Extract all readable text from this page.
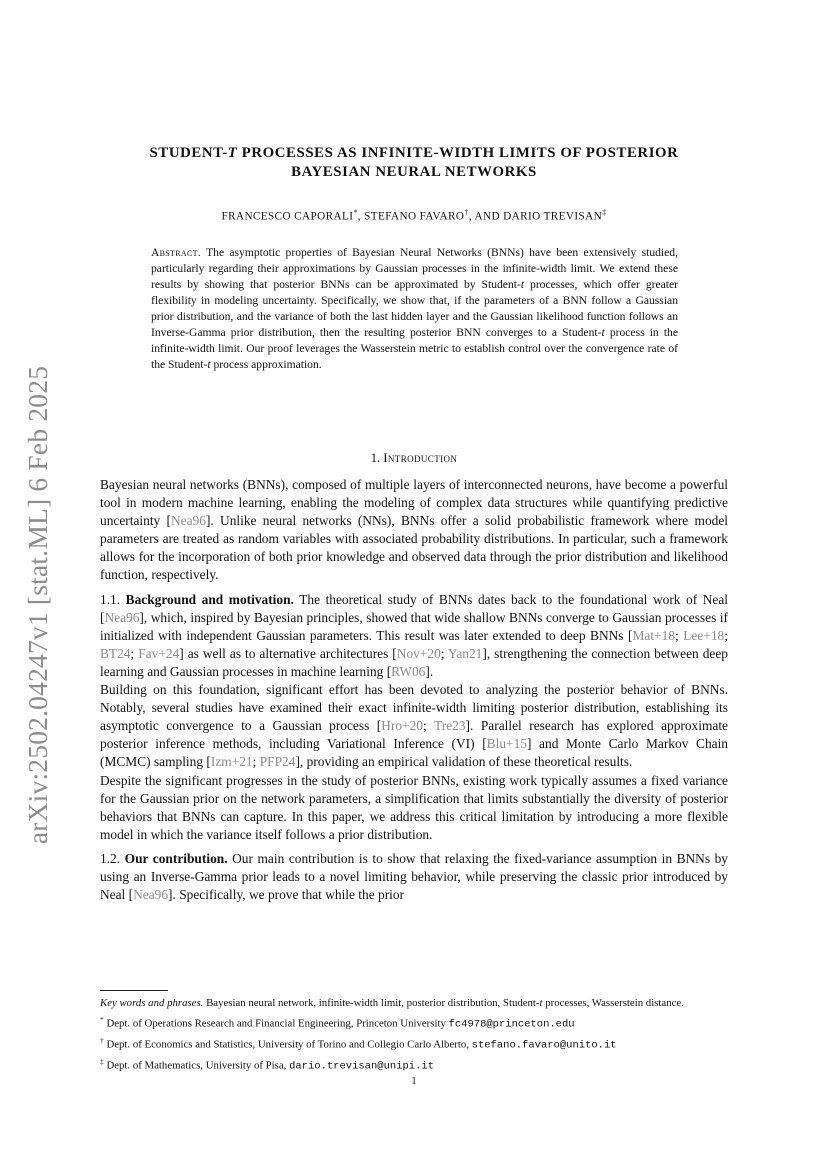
arXiv:2502.04247v1 [stat.ML] 6 Feb 2025
STUDENT-T PROCESSES AS INFINITE-WIDTH LIMITS OF POSTERIOR
BAYESIAN NEURAL NETWORKS
FRANCESCO CAPORALI*, STEFANO FAVARO†, AND DARIO TREVISAN‡
Abstract. The asymptotic properties of Bayesian Neural Networks (BNNs) have been extensively studied, particularly regarding their approximations by Gaussian processes in the infinite-width limit. We extend these results by showing that posterior BNNs can be approximated by Student-t processes, which offer greater flexibility in modeling uncertainty. Specifically, we show that, if the parameters of a BNN follow a Gaussian prior distribution, and the variance of both the last hidden layer and the Gaussian likelihood function follows an Inverse-Gamma prior distribution, then the resulting posterior BNN converges to a Student-t process in the infinite-width limit. Our proof leverages the Wasserstein metric to establish control over the convergence rate of the Student-t process approximation.
1. Introduction

Bayesian neural networks (BNNs), composed of multiple layers of interconnected neurons, have become a powerful tool in modern machine learning, enabling the modeling of complex data structures while quantifying predictive uncertainty [Nea96]. Unlike neural networks (NNs), BNNs offer a solid probabilistic framework where model parameters are treated as random variables with associated probability distributions. In particular, such a framework allows for the incorporation of both prior knowledge and observed data through the prior distribution and likelihood function, respectively.

1.1. Background and motivation. The theoretical study of BNNs dates back to the foundational work of Neal [Nea96], which, inspired by Bayesian principles, showed that wide shallow BNNs converge to Gaussian processes if initialized with independent Gaussian parameters. This result was later extended to deep BNNs [Mat+18; Lee+18; BT24; Fav+24] as well as to alternative architectures [Nov+20; Yan21], strengthening the connection between deep learning and Gaussian processes in machine learning [RW06].

Building on this foundation, significant effort has been devoted to analyzing the posterior behavior of BNNs. Notably, several studies have examined their exact infinite-width limiting posterior distribution, establishing its asymptotic convergence to a Gaussian process [Hro+20; Tre23]. Parallel research has explored approximate posterior inference methods, including Variational Inference (VI) [Blu+15] and Monte Carlo Markov Chain (MCMC) sampling [Izm+21; PFP24], providing an empirical validation of these theoretical results.

Despite the significant progresses in the study of posterior BNNs, existing work typically assumes a fixed variance for the Gaussian prior on the network parameters, a simplification that limits substantially the diversity of posterior behaviors that BNNs can capture. In this paper, we address this critical limitation by introducing a more flexible model in which the variance itself follows a prior distribution.

1.2. Our contribution. Our main contribution is to show that relaxing the fixed-variance assumption in BNNs by using an Inverse-Gamma prior leads to a novel limiting behavior, while preserving the classic prior introduced by Neal [Nea96]. Specifically, we prove that while the prior

Key words and phrases. Bayesian neural network, infinite-width limit, posterior distribution, Student-t processes, Wasserstein distance.

* Dept. of Operations Research and Financial Engineering, Princeton University fc4978@princeton.edu

† Dept. of Economics and Statistics, University of Torino and Collegio Carlo Alberto, stefano.favaro@unito.it

‡ Dept. of Mathematics, University of Pisa, dario.trevisan@unipi.it

1
